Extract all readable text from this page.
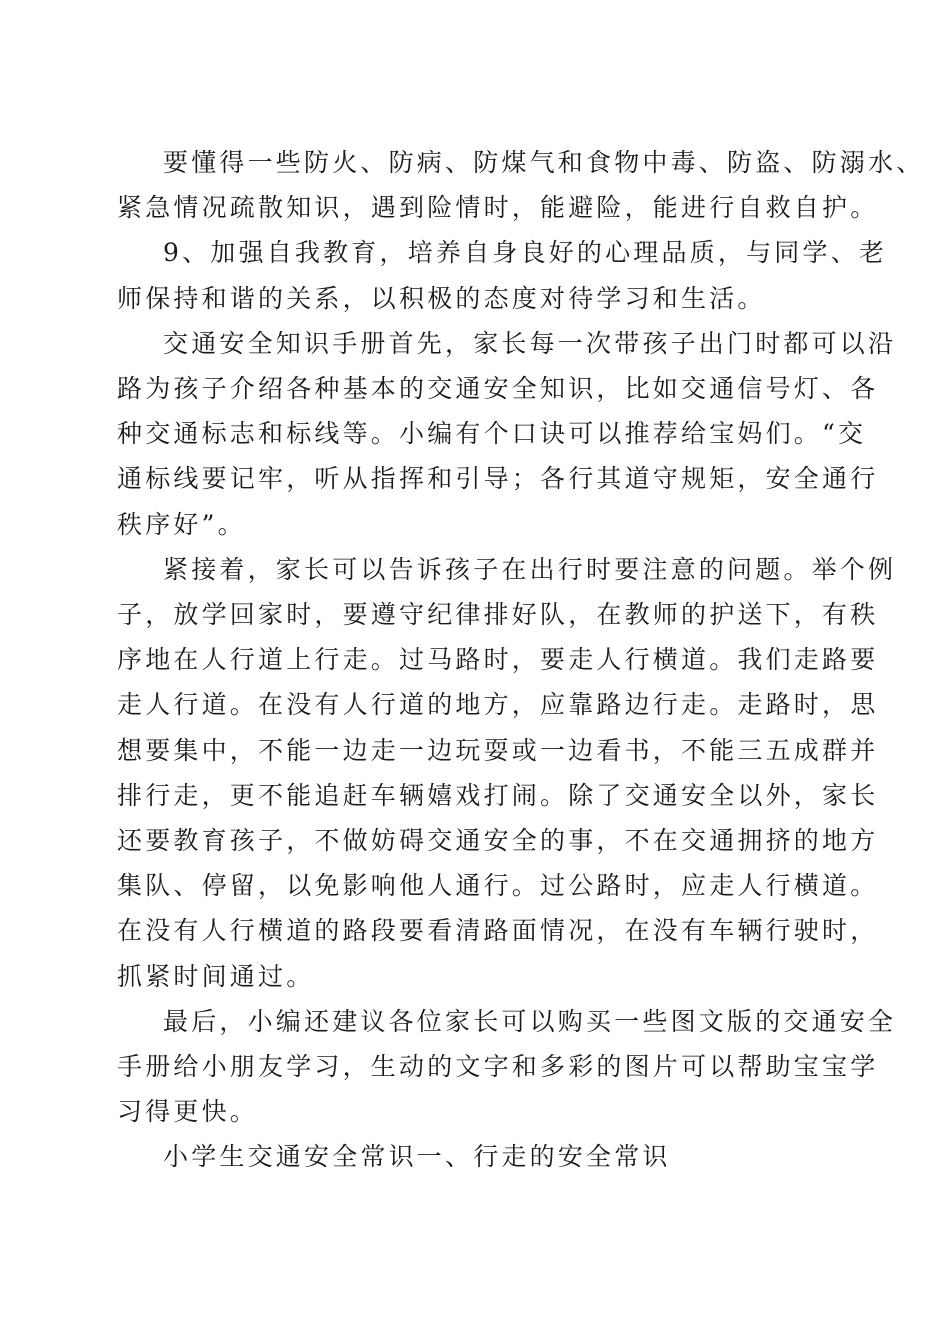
要懂得一些防火、防病、防煤气和食物中毒、防盗、防溺水、
紧急情况疏散知识，遇到险情时，能避险，能进行自救自护。
9、加强自我教育，培养自身良好的心理品质，与同学、老
师保持和谐的关系，以积极的态度对待学习和生活。
交通安全知识手册首先，家长每一次带孩子出门时都可以沿
路为孩子介绍各种基本的交通安全知识，比如交通信号灯、各
种交通标志和标线等。小编有个口诀可以推荐给宝妈们。“交
通标线要记牢，听从指挥和引导；各行其道守规矩，安全通行
秩序好”。
紧接着，家长可以告诉孩子在出行时要注意的问题。举个例
子，放学回家时，要遵守纪律排好队，在教师的护送下，有秩
序地在人行道上行走。过马路时，要走人行横道。我们走路要
走人行道。在没有人行道的地方，应靠路边行走。走路时，思
想要集中，不能一边走一边玩耍或一边看书，不能三五成群并
排行走，更不能追赶车辆嬉戏打闹。除了交通安全以外，家长
还要教育孩子，不做妨碍交通安全的事，不在交通拥挤的地方
集队、停留，以免影响他人通行。过公路时，应走人行横道。
在没有人行横道的路段要看清路面情况，在没有车辆行驶时，
抓紧时间通过。
最后，小编还建议各位家长可以购买一些图文版的交通安全
手册给小朋友学习，生动的文字和多彩的图片可以帮助宝宝学
习得更快。
小学生交通安全常识一、行走的安全常识
